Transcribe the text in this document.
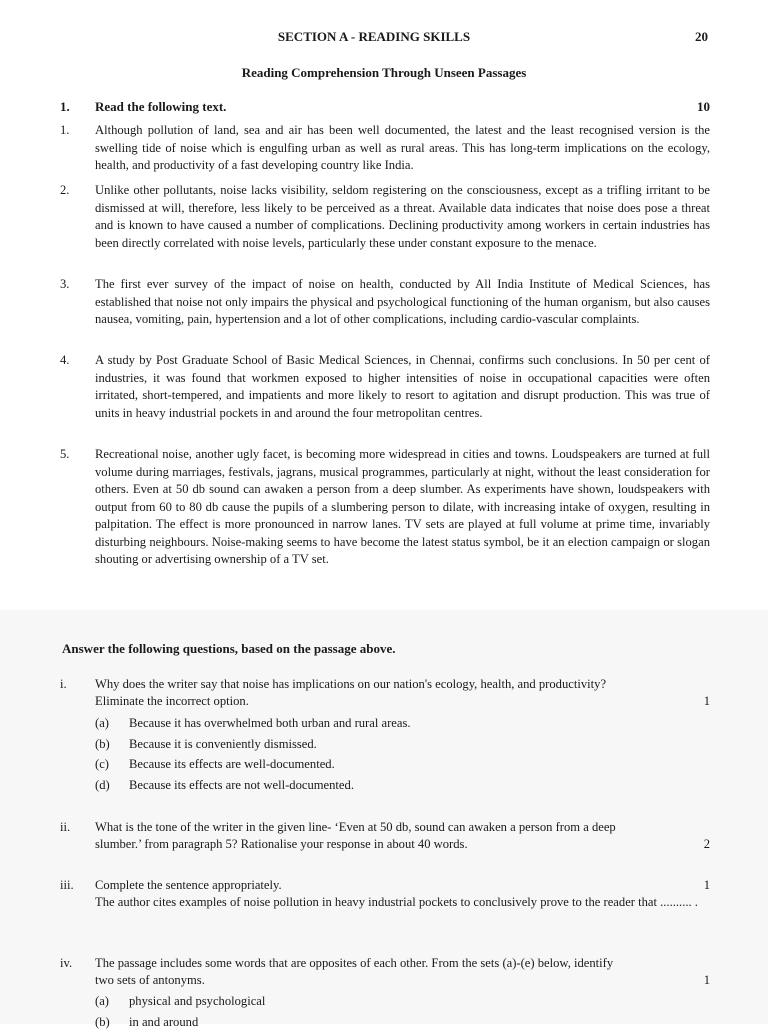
SECTION A - READING SKILLS	20
Reading Comprehension Through Unseen Passages
1. Read the following text.	10
1. Although pollution of land, sea and air has been well documented, the latest and the least recognised version is the swelling tide of noise which is engulfing urban as well as rural areas. This has long-term implications on the ecology, health, and productivity of a fast developing country like India.
2. Unlike other pollutants, noise lacks visibility, seldom registering on the consciousness, except as a trifling irritant to be dismissed at will, therefore, less likely to be perceived as a threat. Available data indicates that noise does pose a threat and is known to have caused a number of complications. Declining productivity among workers in certain industries has been directly correlated with noise levels, particularly these under constant exposure to the menace.
3. The first ever survey of the impact of noise on health, conducted by All India Institute of Medical Sciences, has established that noise not only impairs the physical and psychological functioning of the human organism, but also causes nausea, vomiting, pain, hypertension and a lot of other complications, including cardio-vascular complaints.
4. A study by Post Graduate School of Basic Medical Sciences, in Chennai, confirms such conclusions. In 50 per cent of industries, it was found that workmen exposed to higher intensities of noise in occupational capacities were often irritated, short-tempered, and impatients and more likely to resort to agitation and disrupt production. This was true of units in heavy industrial pockets in and around the four metropolitan centres.
5. Recreational noise, another ugly facet, is becoming more widespread in cities and towns. Loudspeakers are turned at full volume during marriages, festivals, jagrans, musical programmes, particularly at night, without the least consideration for others. Even at 50 db sound can awaken a person from a deep slumber. As experiments have shown, loudspeakers with output from 60 to 80 db cause the pupils of a slumbering person to dilate, with increasing intake of oxygen, resulting in palpitation. The effect is more pronounced in narrow lanes. TV sets are played at full volume at prime time, invariably disturbing neighbours. Noise-making seems to have become the latest status symbol, be it an election campaign or slogan shouting or advertising ownership of a TV set.
Answer the following questions, based on the passage above.
i. Why does the writer say that noise has implications on our nation's ecology, health, and productivity?
Eliminate the incorrect option.	1
(a) Because it has overwhelmed both urban and rural areas.
(b) Because it is conveniently dismissed.
(c) Because its effects are well-documented.
(d) Because its effects are not well-documented.
ii. What is the tone of the writer in the given line- ‘Even at 50 db, sound can awaken a person from a deep
slumber.’ from paragraph 5? Rationalise your response in about 40 words.	2
iii. Complete the sentence appropriately.	1
The author cites examples of noise pollution in heavy industrial pockets to conclusively prove to the reader that .......... .
iv. The passage includes some words that are opposites of each other. From the sets (a)-(e) below, identify
two sets of antonyms.	1
(a) physical and psychological
(b) in and around
